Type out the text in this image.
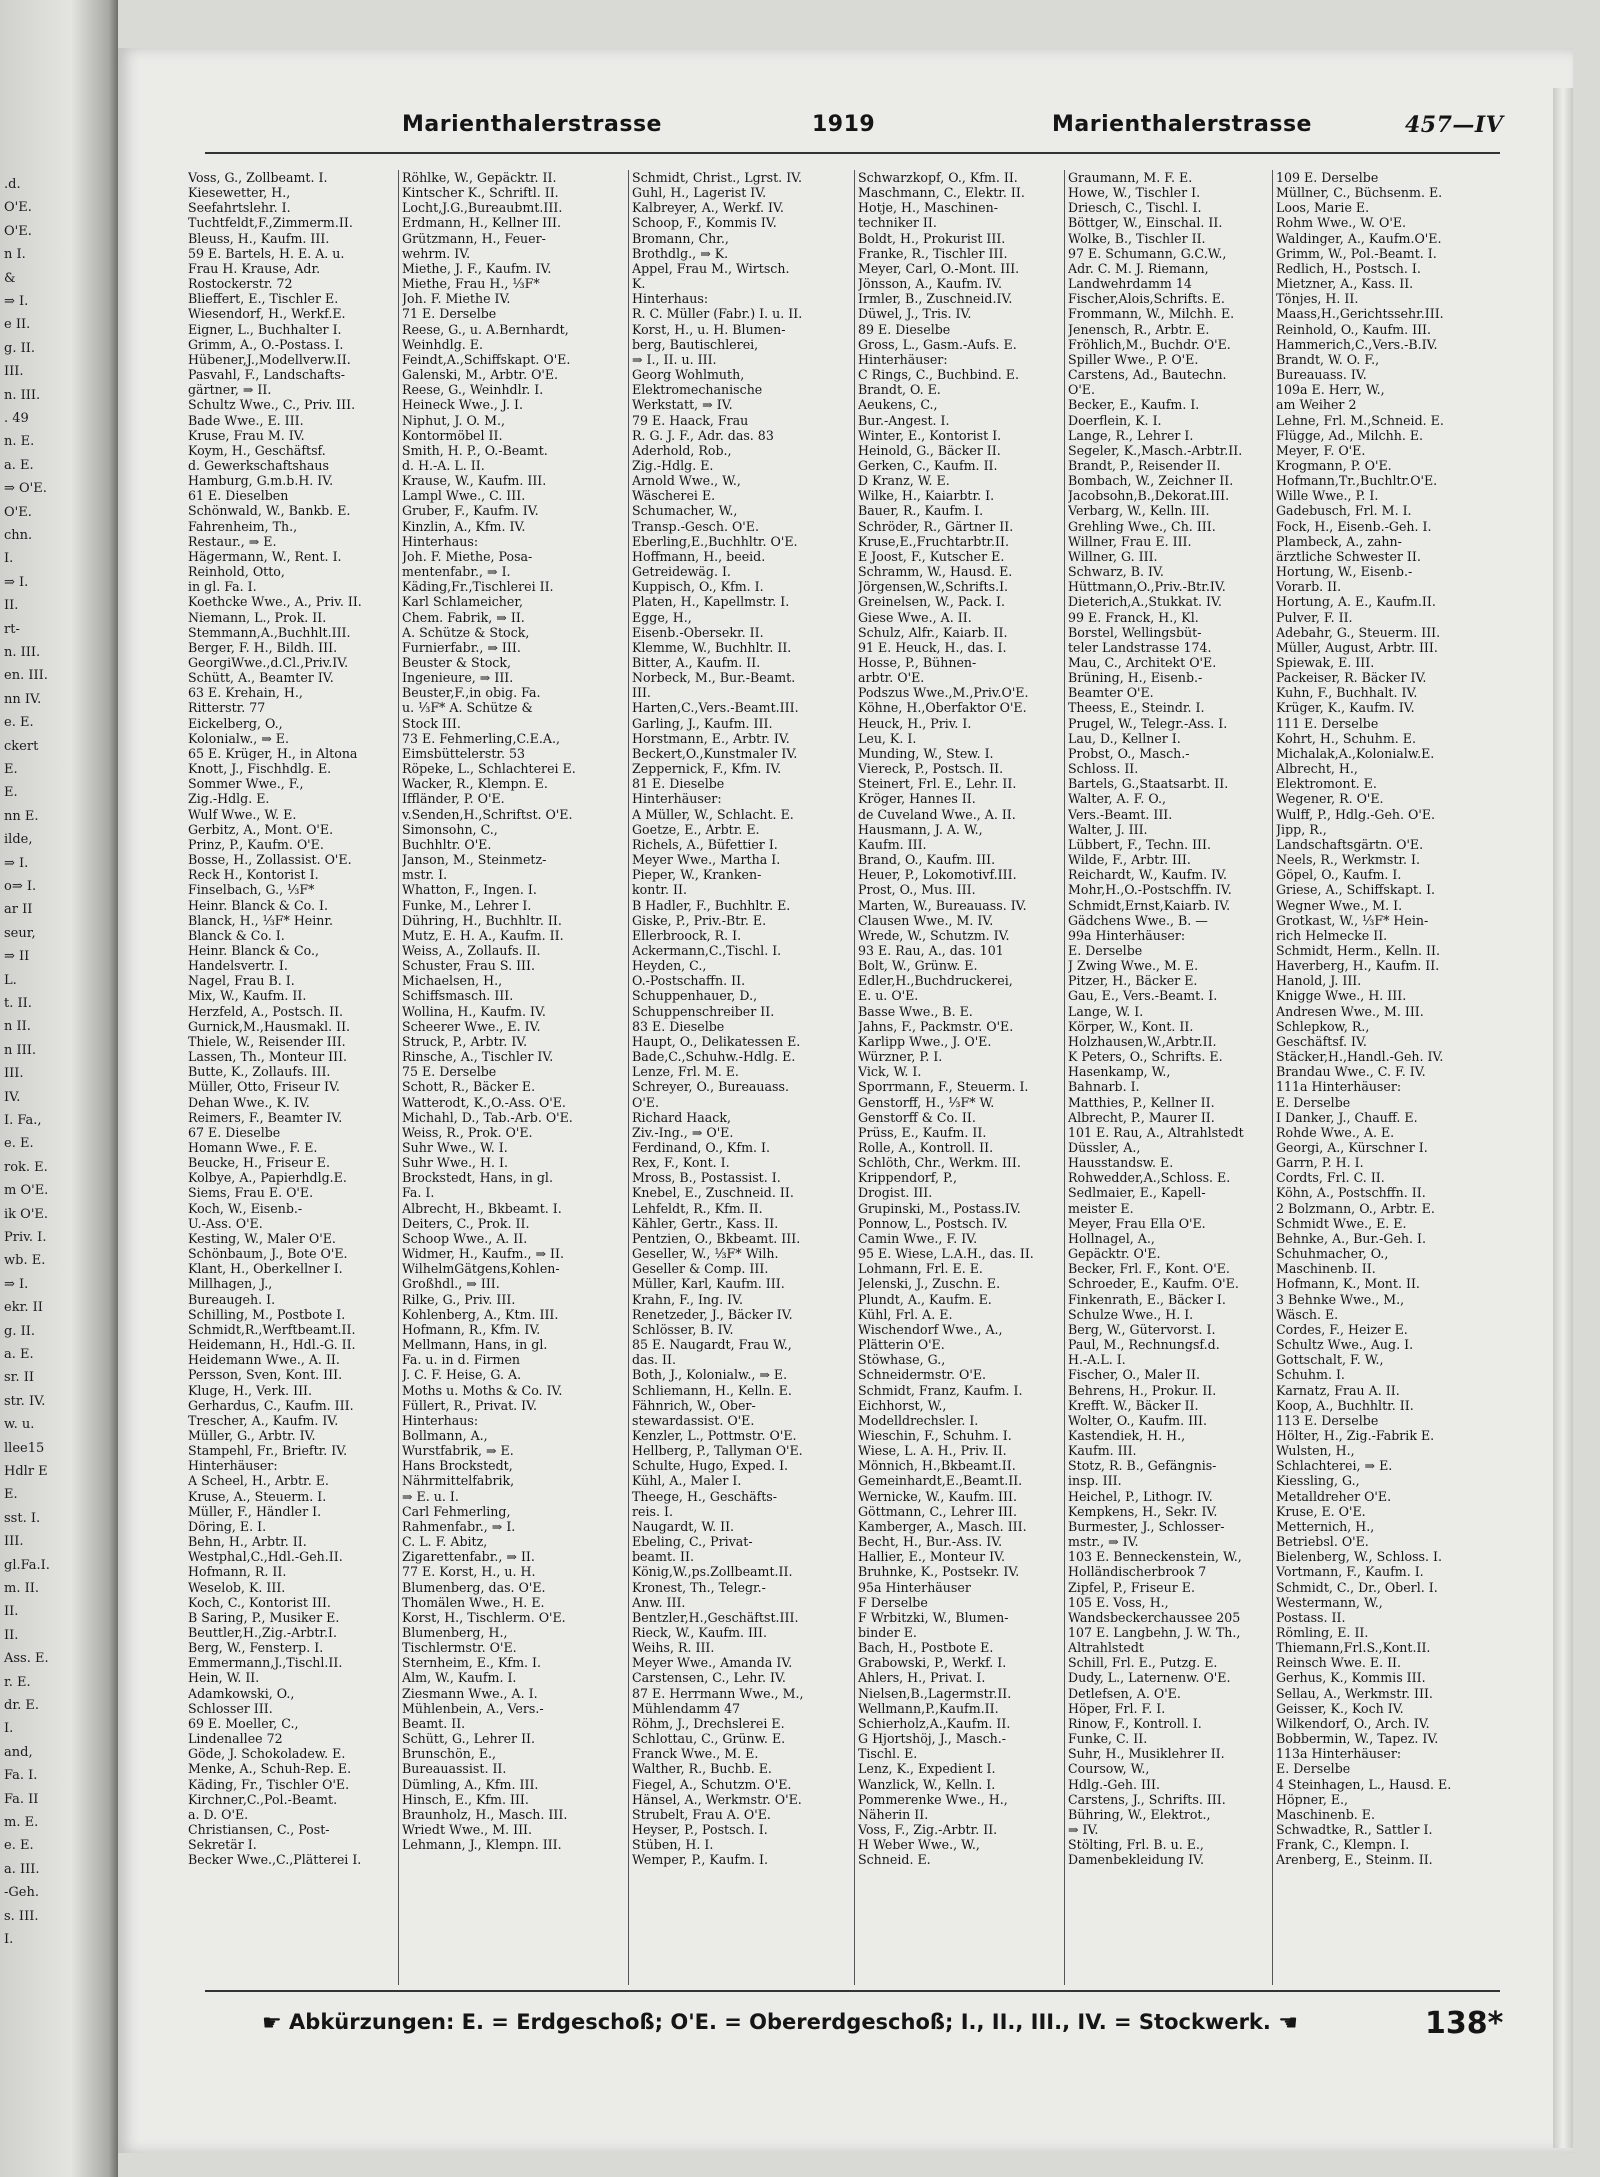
.d.
O'E.
O'E.
n I.
&
⇒ I.
e II.
g. II.
III.
n. III.
. 49
n. E.
a. E.
⇒ O'E.
O'E.
chn.
I.
⇒ I.
II.
rt-
n. III.
en. III.
nn IV.
e. E.
ckert
E.
E.
nn E.
ilde,
⇒ I.
o⇒ I.
ar II
seur,
⇒ II
L.
t. II.
n II.
n III.
III.
IV.
I. Fa.,
e. E.
rok. E.
m O'E.
ik O'E.
Priv. I.
wb. E.
⇒ I.
ekr. II
g. II.
a. E.
sr. II
str. IV.
w. u.
llee15
Hdlr E
E.
sst. I.
III.
gl.Fa.I.
m. II.
II.
II.
Ass. E.
r. E.
dr. E.
I.
and,
Fa. I.
Fa. II
m. E.
e. E.
a. III.
-Geh.
s. III.
I.
Marienthalerstrasse	1919	Marienthalerstrasse	457—IV
Voss, G., Zollbeamt. I.
Kiesewetter, H.,
Seefahrtslehr. I.
Tuchtfeldt,F.,Zimmerm.II.
Bleuss, H., Kaufm. III.
59 E. Bartels, H. E. A. u.
Frau H. Krause, Adr.
Rostockerstr. 72
Blieffert, E., Tischler E.
Wiesendorf, H., Werkf.E.
Eigner, L., Buchhalter I.
Grimm, A., O.-Postass. I.
Hübener,J.,Modellverw.II.
Pasvahl, F., Landschafts-
gärtner, ⇒ II.
Schultz Wwe., C., Priv. III.
Bade Wwe., E. III.
Kruse, Frau M. IV.
Koym, H., Geschäftsf.
d. Gewerkschaftshaus
Hamburg, G.m.b.H. IV.
61 E. Dieselben
Schönwald, W., Bankb. E.
Fahrenheim, Th.,
Restaur., ⇒ E.
Hägermann, W., Rent. I.
Reinhold, Otto,
in gl. Fa. I.
Koethcke Wwe., A., Priv. II.
Niemann, L., Prok. II.
Stemmann,A.,Buchhlt.III.
Berger, F. H., Bildh. III.
GeorgiWwe.,d.Cl.,Priv.IV.
Schütt, A., Beamter IV.
63 E. Krehain, H.,
Ritterstr. 77
Eickelberg, O.,
Kolonialw., ⇒ E.
65 E. Krüger, H., in Altona
Knott, J., Fischhdlg. E.
Sommer Wwe., F.,
Zig.-Hdlg. E.
Wulf Wwe., W. E.
Gerbitz, A., Mont. O'E.
Prinz, P., Kaufm. O'E.
Bosse, H., Zollassist. O'E.
Reck H., Kontorist I.
Finselbach, G., ⅓F*
Heinr. Blanck & Co. I.
Blanck, H., ⅓F* Heinr.
Blanck & Co. I.
Heinr. Blanck & Co.,
Handelsvertr. I.
Nagel, Frau B. I.
Mix, W., Kaufm. II.
Herzfeld, A., Postsch. II.
Gurnick,M.,Hausmakl. II.
Thiele, W., Reisender III.
Lassen, Th., Monteur III.
Butte, K., Zollaufs. III.
Müller, Otto, Friseur IV.
Dehan Wwe., K. IV.
Reimers, F., Beamter IV.
67 E. Dieselbe
Homann Wwe., F. E.
Beucke, H., Friseur E.
Kolbye, A., Papierhdlg.E.
Siems, Frau E. O'E.
Koch, W., Eisenb.-
U.-Ass. O'E.
Kesting, W., Maler O'E.
Schönbaum, J., Bote O'E.
Klant, H., Oberkellner I.
Millhagen, J.,
Bureaugeh. I.
Schilling, M., Postbote I.
Schmidt,R.,Werftbeamt.II.
Heidemann, H., Hdl.-G. II.
Heidemann Wwe., A. II.
Persson, Sven, Kont. III.
Kluge, H., Verk. III.
Gerhardus, C., Kaufm. III.
Trescher, A., Kaufm. IV.
Müller, G., Arbtr. IV.
Stampehl, Fr., Brieftr. IV.
Hinterhäuser:
A Scheel, H., Arbtr. E.
Kruse, A., Steuerm. I.
Müller, F., Händler I.
Döring, E. I.
Behn, H., Arbtr. II.
Westphal,C.,Hdl.-Geh.II.
Hofmann, R. II.
Weselob, K. III.
Koch, C., Kontorist III.
B Saring, P., Musiker E.
Beuttler,H.,Zig.-Arbtr.I.
Berg, W., Fensterp. I.
Emmermann,J.,Tischl.II.
Hein, W. II.
Adamkowski, O.,
Schlosser III.
69 E. Moeller, C.,
Lindenallee 72
Göde, J. Schokoladew. E.
Menke, A., Schuh-Rep. E.
Käding, Fr., Tischler O'E.
Kirchner,C.,Pol.-Beamt.
a. D. O'E.
Christiansen, C., Post-
Sekretär I.
Becker Wwe.,C.,Plätterei I.
Röhlke, W., Gepäcktr. II.
Kintscher K., Schriftl. II.
Locht,J.G.,Bureaubmt.III.
Erdmann, H., Kellner III.
Grützmann, H., Feuer-
wehrm. IV.
Miethe, J. F., Kaufm. IV.
Miethe, Frau H., ⅓F*
Joh. F. Miethe IV.
71 E. Derselbe
Reese, G., u. A.Bernhardt,
Weinhdlg. E.
Feindt,A.,Schiffskapt. O'E.
Galenski, M., Arbtr. O'E.
Reese, G., Weinhdlr. I.
Heineck Wwe., J. I.
Niphut, J. O. M.,
Kontormöbel II.
Smith, H. P., O.-Beamt.
d. H.-A. L. II.
Krause, W., Kaufm. III.
Lampl Wwe., C. III.
Gruber, F., Kaufm. IV.
Kinzlin, A., Kfm. IV.
Hinterhaus:
Joh. F. Miethe, Posa-
mentenfabr., ⇒ I.
Käding,Fr.,Tischlerei II.
Karl Schlameicher,
Chem. Fabrik, ⇒ II.
A. Schütze & Stock,
Furnierfabr., ⇒ III.
Beuster & Stock,
Ingenieure, ⇒ III.
Beuster,F.,in obig. Fa.
u. ⅓F* A. Schütze &
Stock III.
73 E. Fehmerling,C.E.A.,
Eimsbüttelerstr. 53
Röpeke, L., Schlachterei E.
Wacker, R., Klempn. E.
Iffländer, P. O'E.
v.Senden,H.,Schriftst. O'E.
Simonsohn, C.,
Buchhltr. O'E.
Janson, M., Steinmetz-
mstr. I.
Whatton, F., Ingen. I.
Funke, M., Lehrer I.
Dühring, H., Buchhltr. II.
Mutz, E. H. A., Kaufm. II.
Weiss, A., Zollaufs. II.
Schuster, Frau S. III.
Michaelsen, H.,
Schiffsmasch. III.
Wollina, H., Kaufm. IV.
Scheerer Wwe., E. IV.
Struck, P., Arbtr. IV.
Rinsche, A., Tischler IV.
75 E. Derselbe
Schott, R., Bäcker E.
Watterodt, K.,O.-Ass. O'E.
Michahl, D., Tab.-Arb. O'E.
Weiss, R., Prok. O'E.
Suhr Wwe., W. I.
Suhr Wwe., H. I.
Brockstedt, Hans, in gl.
Fa. I.
Albrecht, H., Bkbeamt. I.
Deiters, C., Prok. II.
Schoop Wwe., A. II.
Widmer, H., Kaufm., ⇒ II.
WilhelmGätgens,Kohlen-
Großhdl., ⇒ III.
Rilke, G., Priv. III.
Kohlenberg, A., Ktm. III.
Hofmann, R., Kfm. IV.
Mellmann, Hans, in gl.
Fa. u. in d. Firmen
J. C. F. Heise, G. A.
Moths u. Moths & Co. IV.
Füllert, R., Privat. IV.
Hinterhaus:
Bollmann, A.,
Wurstfabrik, ⇒ E.
Hans Brockstedt,
Nährmittelfabrik,
⇒ E. u. I.
Carl Fehmerling,
Rahmenfabr., ⇒ I.
C. L. F. Abitz,
Zigarettenfabr., ⇒ II.
77 E. Korst, H., u. H.
Blumenberg, das. O'E.
Thomälen Wwe., H. E.
Korst, H., Tischlerm. O'E.
Blumenberg, H.,
Tischlermstr. O'E.
Sternheim, E., Kfm. I.
Alm, W., Kaufm. I.
Ziesmann Wwe., A. I.
Mühlenbein, A., Vers.-
Beamt. II.
Schütt, G., Lehrer II.
Brunschön, E.,
Bureauassist. II.
Dümling, A., Kfm. III.
Hinsch, E., Kfm. III.
Braunholz, H., Masch. III.
Wriedt Wwe., M. III.
Lehmann, J., Klempn. III.
Schmidt, Christ., Lgrst. IV.
Guhl, H., Lagerist IV.
Kalbreyer, A., Werkf. IV.
Schoop, F., Kommis IV.
Bromann, Chr.,
Brothdlg., ⇒ K.
Appel, Frau M., Wirtsch.
K.
Hinterhaus:
R. C. Müller (Fabr.) I. u. II.
Korst, H., u. H. Blumen-
berg, Bautischlerei,
⇒ I., II. u. III.
Georg Wohlmuth,
Elektromechanische
Werkstatt, ⇒ IV.
79 E. Haack, Frau
R. G. J. F., Adr. das. 83
Aderhold, Rob.,
Zig.-Hdlg. E.
Arnold Wwe., W.,
Wäscherei E.
Schumacher, W.,
Transp.-Gesch. O'E.
Eberling,E.,Buchhltr. O'E.
Hoffmann, H., beeid.
Getreidewäg. I.
Kuppisch, O., Kfm. I.
Platen, H., Kapellmstr. I.
Egge, H.,
Eisenb.-Obersekr. II.
Klemme, W., Buchhltr. II.
Bitter, A., Kaufm. II.
Norbeck, M., Bur.-Beamt.
III.
Harten,C.,Vers.-Beamt.III.
Garling, J., Kaufm. III.
Horstmann, E., Arbtr. IV.
Beckert,O.,Kunstmaler IV.
Zeppernick, F., Kfm. IV.
81 E. Dieselbe
Hinterhäuser:
A Müller, W., Schlacht. E.
Goetze, E., Arbtr. E.
Richels, A., Büfettier I.
Meyer Wwe., Martha I.
Pieper, W., Kranken-
kontr. II.
B Hadler, F., Buchhltr. E.
Giske, P., Priv.-Btr. E.
Ellerbroock, R. I.
Ackermann,C.,Tischl. I.
Heyden, C.,
O.-Postschaffn. II.
Schuppenhauer, D.,
Schuppenschreiber II.
83 E. Dieselbe
Haupt, O., Delikatessen E.
Bade,C.,Schuhw.-Hdlg. E.
Lenze, Frl. M. E.
Schreyer, O., Bureauass.
O'E.
Richard Haack,
Ziv.-Ing., ⇒ O'E.
Ferdinand, O., Kfm. I.
Rex, F., Kont. I.
Mross, B., Postassist. I.
Knebel, E., Zuschneid. II.
Lehfeldt, R., Kfm. II.
Kähler, Gertr., Kass. II.
Pentzien, O., Bkbeamt. III.
Geseller, W., ⅓F* Wilh.
Geseller & Comp. III.
Müller, Karl, Kaufm. III.
Krahn, F., Ing. IV.
Renetzeder, J., Bäcker IV.
Schlösser, B. IV.
85 E. Naugardt, Frau W.,
das. II.
Both, J., Kolonialw., ⇒ E.
Schliemann, H., Kelln. E.
Fähnrich, W., Ober-
stewardassist. O'E.
Kenzler, L., Pottmstr. O'E.
Hellberg, P., Tallyman O'E.
Schulte, Hugo, Exped. I.
Kühl, A., Maler I.
Theege, H., Geschäfts-
reis. I.
Naugardt, W. II.
Ebeling, C., Privat-
beamt. II.
König,W.,ps.Zollbeamt.II.
Kronest, Th., Telegr.-
Anw. III.
Bentzler,H.,Geschäftst.III.
Rieck, W., Kaufm. III.
Weihs, R. III.
Meyer Wwe., Amanda IV.
Carstensen, C., Lehr. IV.
87 E. Herrmann Wwe., M.,
Mühlendamm 47
Röhm, J., Drechslerei E.
Schlottau, C., Grünw. E.
Franck Wwe., M. E.
Walther, R., Buchb. E.
Fiegel, A., Schutzm. O'E.
Hänsel, A., Werkmstr. O'E.
Strubelt, Frau A. O'E.
Heyser, P., Postsch. I.
Stüben, H. I.
Wemper, P., Kaufm. I.
Schwarzkopf, O., Kfm. II.
Maschmann, C., Elektr. II.
Hotje, H., Maschinen-
techniker II.
Boldt, H., Prokurist III.
Franke, R., Tischler III.
Meyer, Carl, O.-Mont. III.
Jönsson, A., Kaufm. IV.
Irmler, B., Zuschneid.IV.
Düwel, J., Tris. IV.
89 E. Dieselbe
Gross, L., Gasm.-Aufs. E.
Hinterhäuser:
C Rings, C., Buchbind. E.
Brandt, O. E.
Aeukens, C.,
Bur.-Angest. I.
Winter, E., Kontorist I.
Heinold, G., Bäcker II.
Gerken, C., Kaufm. II.
D Kranz, W. E.
Wilke, H., Kaiarbtr. I.
Bauer, R., Kaufm. I.
Schröder, R., Gärtner II.
Kruse,E.,Fruchtarbtr.II.
E Joost, F., Kutscher E.
Schramm, W., Hausd. E.
Jörgensen,W.,Schrifts.I.
Greinelsen, W., Pack. I.
Giese Wwe., A. II.
Schulz, Alfr., Kaiarb. II.
91 E. Heuck, H., das. I.
Hosse, P., Bühnen-
arbtr. O'E.
Podszus Wwe.,M.,Priv.O'E.
Köhne, H.,Oberfaktor O'E.
Heuck, H., Priv. I.
Leu, K. I.
Munding, W., Stew. I.
Viereck, P., Postsch. II.
Steinert, Frl. E., Lehr. II.
Kröger, Hannes II.
de Cuveland Wwe., A. II.
Hausmann, J. A. W.,
Kaufm. III.
Brand, O., Kaufm. III.
Heuer, P., Lokomotivf.III.
Prost, O., Mus. III.
Marten, W., Bureauass. IV.
Clausen Wwe., M. IV.
Wrede, W., Schutzm. IV.
93 E. Rau, A., das. 101
Bolt, W., Grünw. E.
Edler,H.,Buchdruckerei,
E. u. O'E.
Basse Wwe., B. E.
Jahns, F., Packmstr. O'E.
Karlipp Wwe., J. O'E.
Würzner, P. I.
Vick, W. I.
Sporrmann, F., Steuerm. I.
Genstorff, H., ⅓F* W.
Genstorff & Co. II.
Prüss, E., Kaufm. II.
Rolle, A., Kontroll. II.
Schlöth, Chr., Werkm. III.
Krippendorf, P.,
Drogist. III.
Grupinski, M., Postass.IV.
Ponnow, L., Postsch. IV.
Camin Wwe., F. IV.
95 E. Wiese, L.A.H., das. II.
Lohmann, Frl. E. E.
Jelenski, J., Zuschn. E.
Plundt, A., Kaufm. E.
Kühl, Frl. A. E.
Wischendorf Wwe., A.,
Plätterin O'E.
Stöwhase, G.,
Schneidermstr. O'E.
Schmidt, Franz, Kaufm. I.
Eichhorst, W.,
Modelldrechsler. I.
Wieschin, F., Schuhm. I.
Wiese, L. A. H., Priv. II.
Mönnich, H.,Bkbeamt.II.
Gemeinhardt,E.,Beamt.II.
Wernicke, W., Kaufm. III.
Göttmann, C., Lehrer III.
Kamberger, A., Masch. III.
Becht, H., Bur.-Ass. IV.
Hallier, E., Monteur IV.
Bruhnke, K., Postsekr. IV.
95a Hinterhäuser
F Derselbe
F Wrbitzki, W., Blumen-
binder E.
Bach, H., Postbote E.
Grabowski, P., Werkf. I.
Ahlers, H., Privat. I.
Nielsen,B.,Lagermstr.II.
Wellmann,P.,Kaufm.II.
Schierholz,A.,Kaufm. II.
G Hjortshöj, J., Masch.-
Tischl. E.
Lenz, K., Expedient I.
Wanzlick, W., Kelln. I.
Pommerenke Wwe., H.,
Näherin II.
Voss, F., Zig.-Arbtr. II.
H Weber Wwe., W.,
Schneid. E.
Graumann, M. F. E.
Howe, W., Tischler I.
Driesch, C., Tischl. I.
Böttger, W., Einschal. II.
Wolke, B., Tischler II.
97 E. Schumann, G.C.W.,
Adr. C. M. J. Riemann,
Landwehrdamm 14
Fischer,Alois,Schrifts. E.
Frommann, W., Milchh. E.
Jenensch, R., Arbtr. E.
Fröhlich,M., Buchdr. O'E.
Spiller Wwe., P. O'E.
Carstens, Ad., Bautechn.
O'E.
Becker, E., Kaufm. I.
Doerflein, K. I.
Lange, R., Lehrer I.
Segeler, K.,Masch.-Arbtr.II.
Brandt, P., Reisender II.
Bombach, W., Zeichner II.
Jacobsohn,B.,Dekorat.III.
Verbarg, W., Kelln. III.
Grehling Wwe., Ch. III.
Willner, Frau E. III.
Willner, G. III.
Schwarz, B. IV.
Hüttmann,O.,Priv.-Btr.IV.
Dieterich,A.,Stukkat. IV.
99 E. Franck, H., Kl.
Borstel, Wellingsbüt-
teler Landstrasse 174.
Mau, C., Architekt O'E.
Brüning, H., Eisenb.-
Beamter O'E.
Theess, E., Steindr. I.
Prugel, W., Telegr.-Ass. I.
Lau, D., Kellner I.
Probst, O., Masch.-
Schloss. II.
Bartels, G.,Staatsarbt. II.
Walter, A. F. O.,
Vers.-Beamt. III.
Walter, J. III.
Lübbert, F., Techn. III.
Wilde, F., Arbtr. III.
Reichardt, W., Kaufm. IV.
Mohr,H.,O.-Postschffn. IV.
Schmidt,Ernst,Kaiarb. IV.
Gädchens Wwe., B. —
99a Hinterhäuser:
E. Derselbe
J Zwing Wwe., M. E.
Pitzer, H., Bäcker E.
Gau, E., Vers.-Beamt. I.
Lange, W. I.
Körper, W., Kont. II.
Holzhausen,W.,Arbtr.II.
K Peters, O., Schrifts. E.
Hasenkamp, W.,
Bahnarb. I.
Matthies, P., Kellner II.
Albrecht, P., Maurer II.
101 E. Rau, A., Altrahlstedt
Düssler, A.,
Hausstandsw. E.
Rohwedder,A.,Schloss. E.
Sedlmaier, E., Kapell-
meister E.
Meyer, Frau Ella O'E.
Hollnagel, A.,
Gepäcktr. O'E.
Becker, Frl. F., Kont. O'E.
Schroeder, E., Kaufm. O'E.
Finkenrath, E., Bäcker I.
Schulze Wwe., H. I.
Berg, W., Gütervorst. I.
Paul, M., Rechnungsf.d.
H.-A.L. I.
Fischer, O., Maler II.
Behrens, H., Prokur. II.
Krefft. W., Bäcker II.
Wolter, O., Kaufm. III.
Kastendiek, H. H.,
Kaufm. III.
Stotz, R. B., Gefängnis-
insp. III.
Heichel, P., Lithogr. IV.
Kempkens, H., Sekr. IV.
Burmester, J., Schlosser-
mstr., ⇒ IV.
103 E. Benneckenstein, W.,
Holländischerbrook 7
Zipfel, P., Friseur E.
105 E. Voss, H.,
Wandsbeckerchaussee 205
107 E. Langbehn, J. W. Th.,
Altrahlstedt
Schill, Frl. E., Putzg. E.
Dudy, L., Laternenw. O'E.
Detlefsen, A. O'E.
Höper, Frl. F. I.
Rinow, F., Kontroll. I.
Funke, C. II.
Suhr, H., Musiklehrer II.
Coursow, W.,
Hdlg.-Geh. III.
Carstens, J., Schrifts. III.
Bühring, W., Elektrot.,
⇒ IV.
Stölting, Frl. B. u. E.,
Damenbekleidung IV.
109 E. Derselbe
Müllner, C., Büchsenm. E.
Loos, Marie E.
Rohm Wwe., W. O'E.
Waldinger, A., Kaufm.O'E.
Grimm, W., Pol.-Beamt. I.
Redlich, H., Postsch. I.
Mietzner, A., Kass. II.
Tönjes, H. II.
Maass,H.,Gerichtssehr.III.
Reinhold, O., Kaufm. III.
Hammerich,C.,Vers.-B.IV.
Brandt, W. O. F.,
Bureauass. IV.
109a E. Herr, W.,
am Weiher 2
Lehne, Frl. M.,Schneid. E.
Flügge, Ad., Milchh. E.
Meyer, F. O'E.
Krogmann, P. O'E.
Hofmann,Tr.,Buchltr.O'E.
Wille Wwe., P. I.
Gadebusch, Frl. M. I.
Fock, H., Eisenb.-Geh. I.
Plambeck, A., zahn-
ärztliche Schwester II.
Hortung, W., Eisenb.-
Vorarb. II.
Hortung, A. E., Kaufm.II.
Pulver, F. II.
Adebahr, G., Steuerm. III.
Müller, August, Arbtr. III.
Spiewak, E. III.
Packeiser, R. Bäcker IV.
Kuhn, F., Buchhalt. IV.
Krüger, K., Kaufm. IV.
111 E. Derselbe
Kohrt, H., Schuhm. E.
Michalak,A.,Kolonialw.E.
Albrecht, H.,
Elektromont. E.
Wegener, R. O'E.
Wulff, P., Hdlg.-Geh. O'E.
Jipp, R.,
Landschaftsgärtn. O'E.
Neels, R., Werkmstr. I.
Göpel, O., Kaufm. I.
Griese, A., Schiffskapt. I.
Wegner Wwe., M. I.
Grotkast, W., ⅓F* Hein-
rich Helmecke II.
Schmidt, Herm., Kelln. II.
Haverberg, H., Kaufm. II.
Hanold, J. III.
Knigge Wwe., H. III.
Andresen Wwe., M. III.
Schlepkow, R.,
Geschäftsf. IV.
Stäcker,H.,Handl.-Geh. IV.
Brandau Wwe., C. F. IV.
111a Hinterhäuser:
E. Derselbe
I Danker, J., Chauff. E.
Rohde Wwe., A. E.
Georgi, A., Kürschner I.
Garrn, P. H. I.
Cordts, Frl. C. II.
Köhn, A., Postschffn. II.
2 Bolzmann, O., Arbtr. E.
Schmidt Wwe., E. E.
Behnke, A., Bur.-Geh. I.
Schuhmacher, O.,
Maschinenb. II.
Hofmann, K., Mont. II.
3 Behnke Wwe., M.,
Wäsch. E.
Cordes, F., Heizer E.
Schultz Wwe., Aug. I.
Gottschalt, F. W.,
Schuhm. I.
Karnatz, Frau A. II.
Koop, A., Buchhltr. II.
113 E. Derselbe
Hölter, H., Zig.-Fabrik E.
Wulsten, H.,
Schlachterei, ⇒ E.
Kiessling, G.,
Metalldreher O'E.
Kruse, E. O'E.
Metternich, H.,
Betriebsl. O'E.
Bielenberg, W., Schloss. I.
Vortmann, F., Kaufm. I.
Schmidt, C., Dr., Oberl. I.
Westermann, W.,
Postass. II.
Römling, E. II.
Thiemann,Frl.S.,Kont.II.
Reinsch Wwe. E. II.
Gerhus, K., Kommis III.
Sellau, A., Werkmstr. III.
Geisser, K., Koch IV.
Wilkendorf, O., Arch. IV.
Bobbermin, W., Tapez. IV.
113a Hinterhäuser:
E. Derselbe
4 Steinhagen, L., Hausd. E.
Höpner, E.,
Maschinenb. E.
Schwadtke, R., Sattler I.
Frank, C., Klempn. I.
Arenberg, E., Steinm. II.
☛ Abkürzungen: E. = Erdgeschoß; O'E. = Obererdgeschoß; I., II., III., IV. = Stockwerk. ☚	138*
